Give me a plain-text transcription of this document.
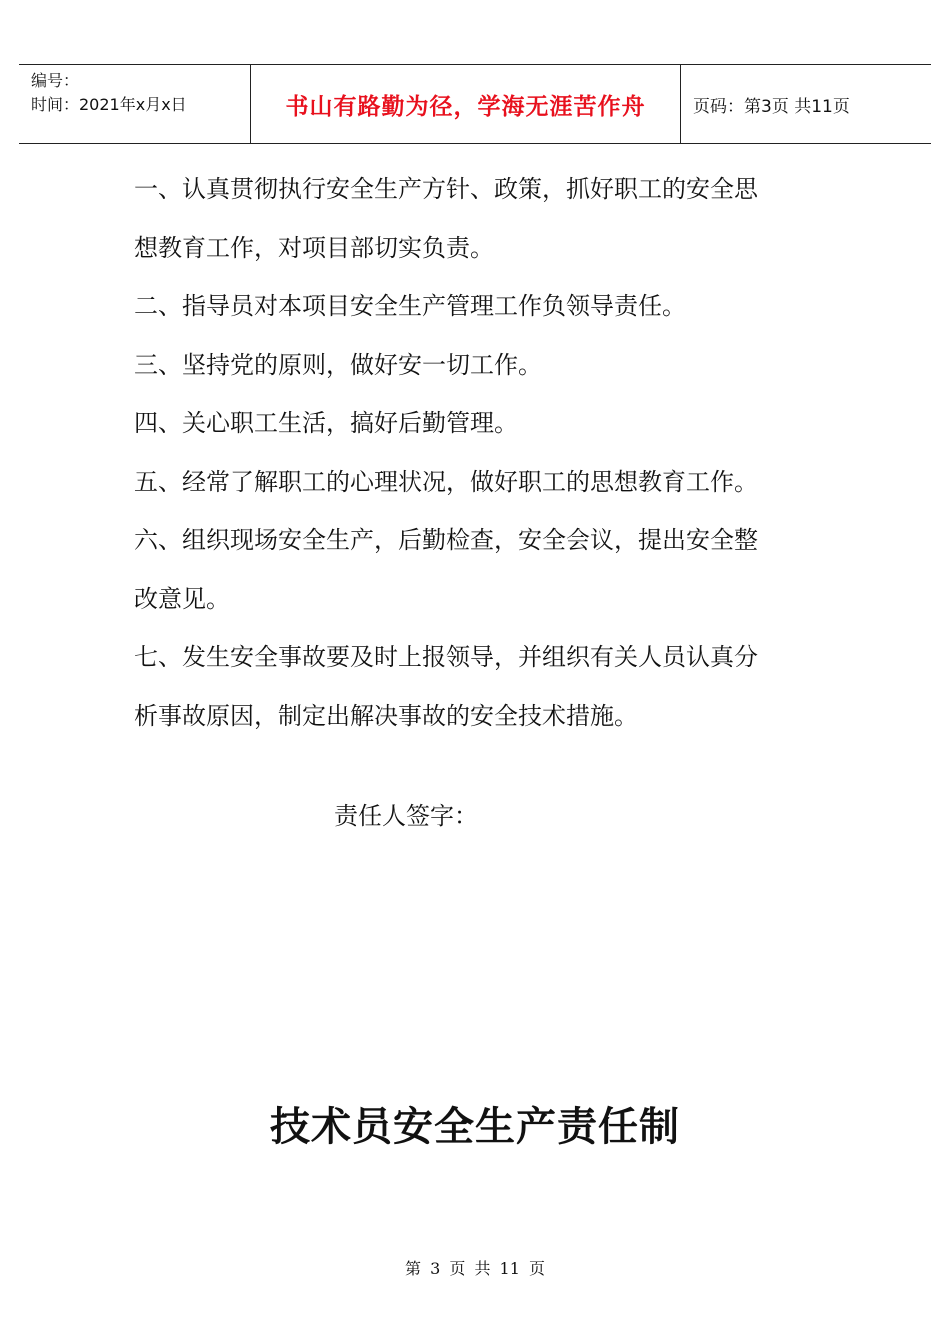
编号：
时间：2021年x月x日	书山有路勤为径，学海无涯苦作舟	页码：第3页 共11页
一、认真贯彻执行安全生产方针、政策，抓好职工的安全思
想教育工作，对项目部切实负责。
二、指导员对本项目安全生产管理工作负领导责任。
三、坚持党的原则，做好安一切工作。
四、关心职工生活，搞好后勤管理。
五、经常了解职工的心理状况，做好职工的思想教育工作。
六、组织现场安全生产，后勤检查，安全会议，提出安全整
改意见。
七、发生安全事故要及时上报领导，并组织有关人员认真分
析事故原因，制定出解决事故的安全技术措施。
责任人签字：
技术员安全生产责任制
第 3 页 共 11 页
